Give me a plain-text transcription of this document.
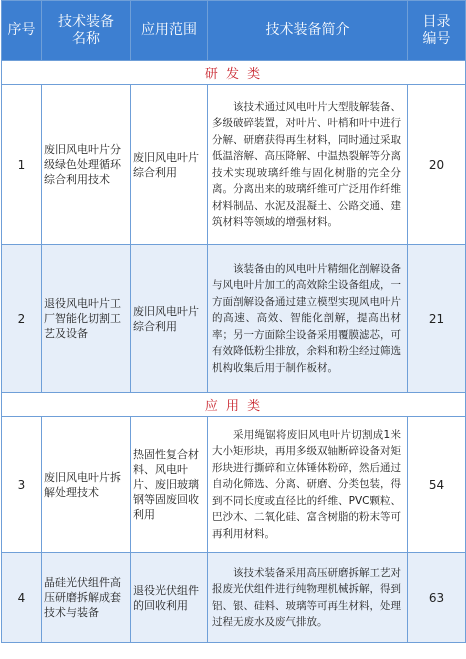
序号	技术装备名称	应用范围	技术装备简介	目录编号

研 发 类				
1	废旧风电叶片分级绿色处理循环综合利用技术	废旧风电叶片综合利用	该技术通过风电叶片大型肢解装备、多级破碎装置，对叶片、叶梢和叶中进行分解、研磨获得再生材料，同时通过采取低温溶解、高压降解、中温热裂解等分离技术实现玻璃纤维与固化树脂的完全分离。分离出来的玻璃纤维可广泛用作纤维材料制品、水泥及混凝土、公路交通、建筑材料等领域的增强材料。	20
2	退役风电叶片工厂智能化切割工艺及设备	废旧风电叶片综合利用	该装备由的风电叶片精细化剖解设备与风电叶片加工的高效除尘设备组成，一方面剖解设备通过建立模型实现风电叶片的高速、高效、智能化剖解，提高出材率；另一方面除尘设备采用覆膜滤芯，可有效降低粉尘排放，余料和粉尘经过筛选机构收集后用于制作板材。	21
应 用 类				
3	废旧风电叶片拆解处理技术	热固性复合材料、风电叶片、废旧玻璃钢等固废回收利用	采用绳锯将废旧风电叶片切割成1米大小矩形块，再用多级双轴断碎设备对矩形块进行撕碎和立体锤体粉碎，然后通过自动化筛选、分离、研磨、分类包装，得到不同长度或直径比的纤维、PVC颗粒、巴沙木、二氧化硅、富含树脂的粉末等可再利用材料。	54
4	晶硅光伏组件高压研磨拆解成套技术与装备	退役光伏组件的回收利用	该技术装备采用高压研磨拆解工艺对报废光伏组件进行纯物理机械拆解，得到铝、银、硅料、玻璃等可再生材料，处理过程无废水及废气排放。	63
